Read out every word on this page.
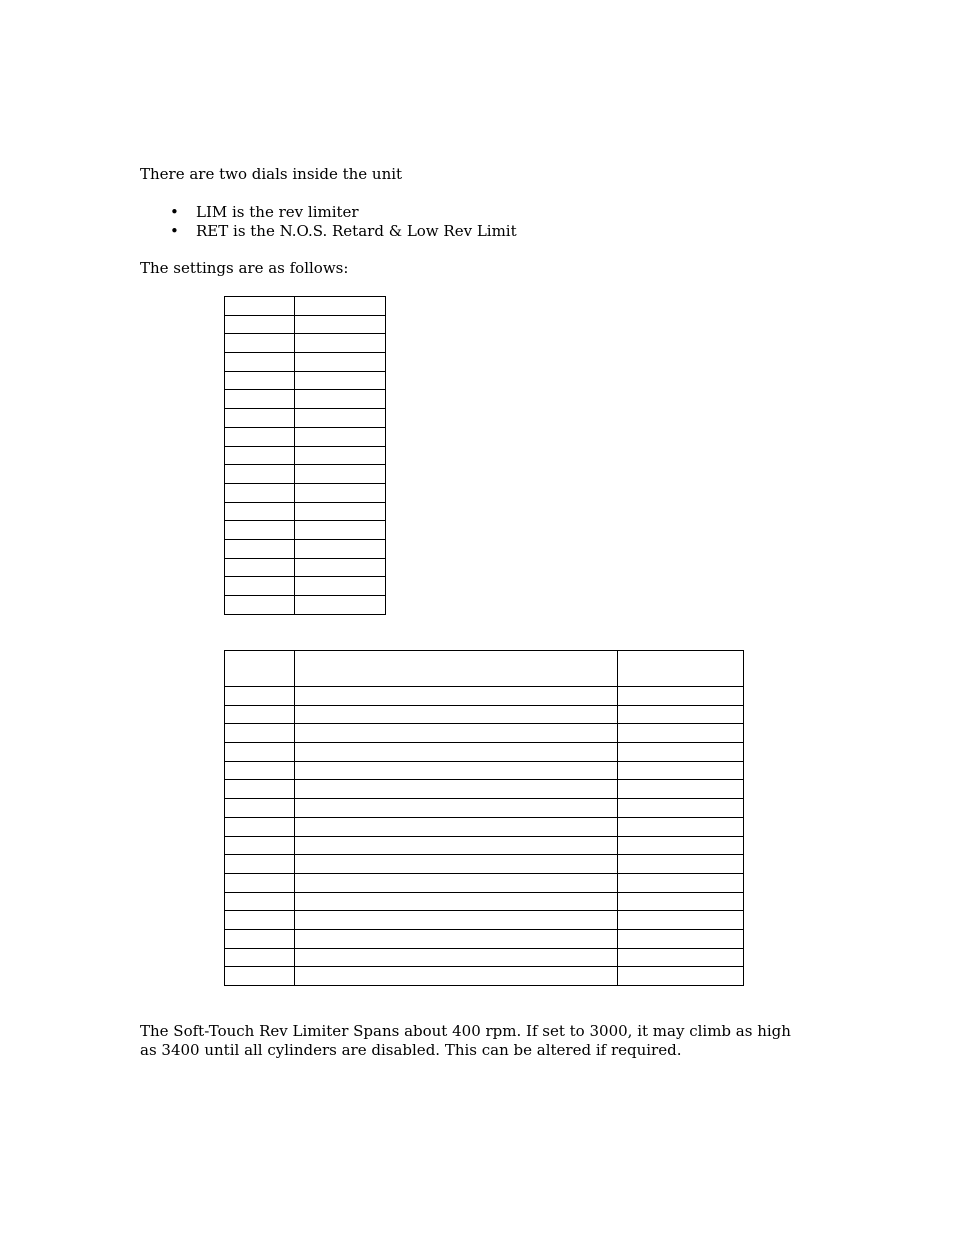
There are two dials inside the unit
• LIM is the rev limiter
• RET is the N.O.S. Retard & Low Rev Limit
The settings are as follows:

The Soft-Touch Rev Limiter Spans about 400 rpm. If set to 3000, it may climb as high as 3400 until all cylinders are disabled. This can be altered if required.
